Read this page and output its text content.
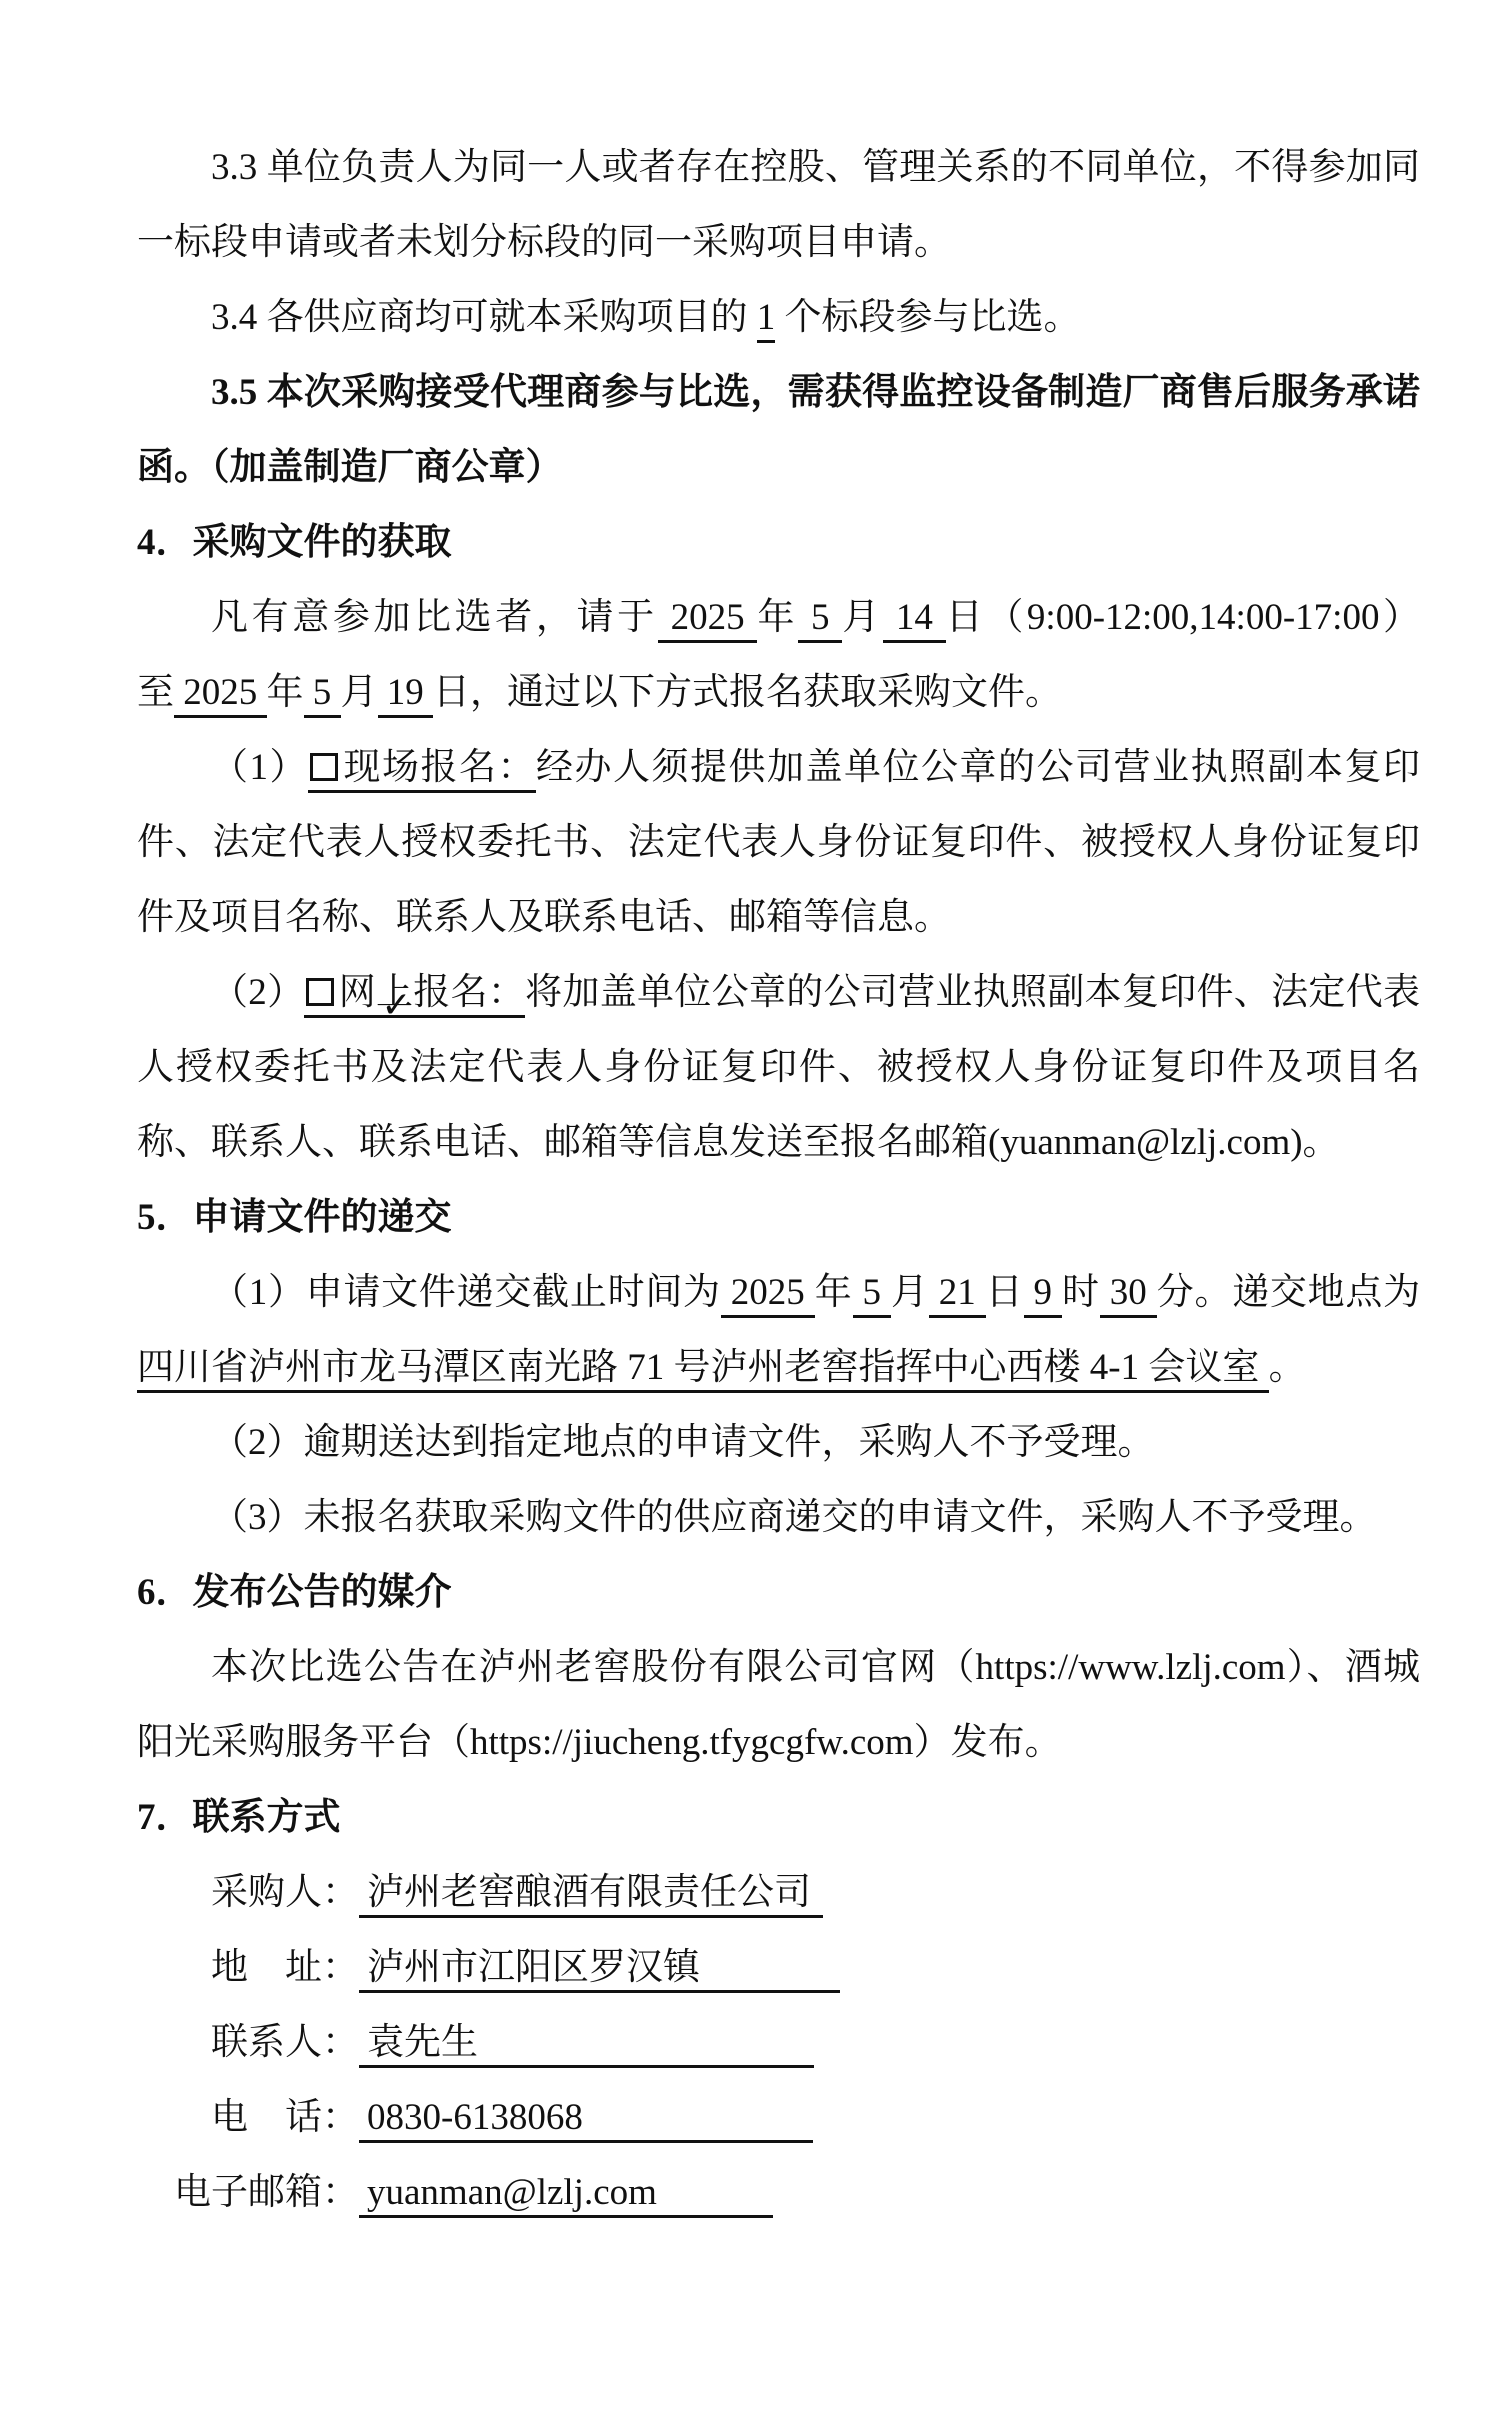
3.3 单位负责人为同一人或者存在控股、管理关系的不同单位，不得参加同一标段申请或者未划分标段的同一采购项目申请。

3.4 各供应商均可就本采购项目的 1 个标段参与比选。

3.5 本次采购接受代理商参与比选，需获得监控设备制造厂商售后服务承诺函。（加盖制造厂商公章）

4．采购文件的获取

凡有意参加比选者，请于 2025 年 5 月 14 日（9:00-12:00,14:00-17:00）至 2025 年 5 月 19 日，通过以下方式报名获取采购文件。

（1） 现场报名：经办人须提供加盖单位公章的公司营业执照副本复印件、法定代表人授权委托书、法定代表人身份证复印件、被授权人身份证复印件及项目名称、联系人及联系电话、邮箱等信息。

（2） ✓ 网上报名：将加盖单位公章的公司营业执照副本复印件、法定代表人授权委托书及法定代表人身份证复印件、被授权人身份证复印件及项目名称、联系人、联系电话、邮箱等信息发送至报名邮箱(yuanman@lzlj.com)。

5．申请文件的递交

（1）申请文件递交截止时间为 2025 年 5 月 21 日 9 时 30 分。递交地点为四川省泸州市龙马潭区南光路 71 号泸州老窖指挥中心西楼 4-1 会议室 。

（2）逾期送达到指定地点的申请文件，采购人不予受理。

（3）未报名获取采购文件的供应商递交的申请文件，采购人不予受理。

6．发布公告的媒介

本次比选公告在泸州老窖股份有限公司官网（https://www.lzlj.com）、酒城阳光采购服务平台（https://jiucheng.tfygcgfw.com）发布。

7．联系方式

采购人： 泸州老窖酿酒有限责任公司

地　址： 泸州市江阳区罗汉镇

联系人： 袁先生

电　话： 0830-6138068

电子邮箱： yuanman@lzlj.com
